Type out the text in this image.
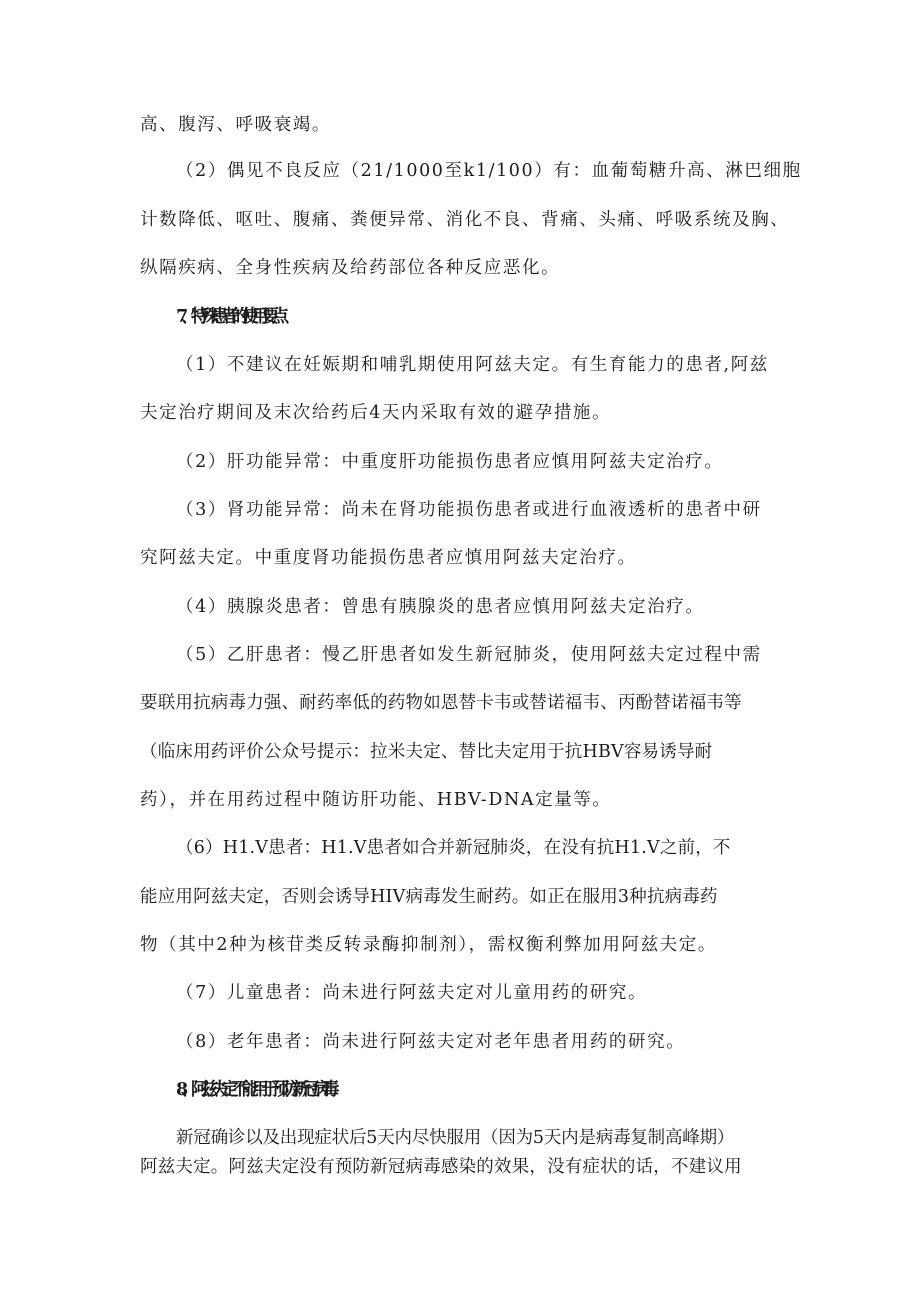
高、腹泻、呼吸衰竭。
（2）偶见不良反应（21/1000至k1/100）有：血葡萄糖升高、淋巴细胞
计数降低、呕吐、腹痛、粪便异常、消化不良、背痛、头痛、呼吸系统及胸、
纵隔疾病、全身性疾病及给药部位各种反应恶化。
7、特殊患者的使用要点
（1）不建议在妊娠期和哺乳期使用阿兹夫定。有生育能力的患者,阿兹
夫定治疗期间及末次给药后4天内采取有效的避孕措施。
（2）肝功能异常：中重度肝功能损伤患者应慎用阿兹夫定治疗。
（3）肾功能异常：尚未在肾功能损伤患者或进行血液透析的患者中研
究阿兹夫定。中重度肾功能损伤患者应慎用阿兹夫定治疗。
（4）胰腺炎患者：曾患有胰腺炎的患者应慎用阿兹夫定治疗。
（5）乙肝患者：慢乙肝患者如发生新冠肺炎，使用阿兹夫定过程中需
要联用抗病毒力强、耐药率低的药物如恩替卡韦或替诺福韦、丙酚替诺福韦等
（临床用药评价公众号提示：拉米夫定、替比夫定用于抗HBV容易诱导耐
药），并在用药过程中随访肝功能、HBV-DNA定量等。
（6）H1.V患者：H1.V患者如合并新冠肺炎，在没有抗H1.V之前，不
能应用阿兹夫定，否则会诱导HIV病毒发生耐药。如正在服用3种抗病毒药
物（其中2种为核苷类反转录酶抑制剂），需权衡利弊加用阿兹夫定。
（7）儿童患者：尚未进行阿兹夫定对儿童用药的研究。
（8）老年患者：尚未进行阿兹夫定对老年患者用药的研究。
8、阿兹夫定不能用于预防新冠病毒
新冠确诊以及出现症状后5天内尽快服用（因为5天内是病毒复制高峰期）
阿兹夫定。阿兹夫定没有预防新冠病毒感染的效果，没有症状的话，不建议用
